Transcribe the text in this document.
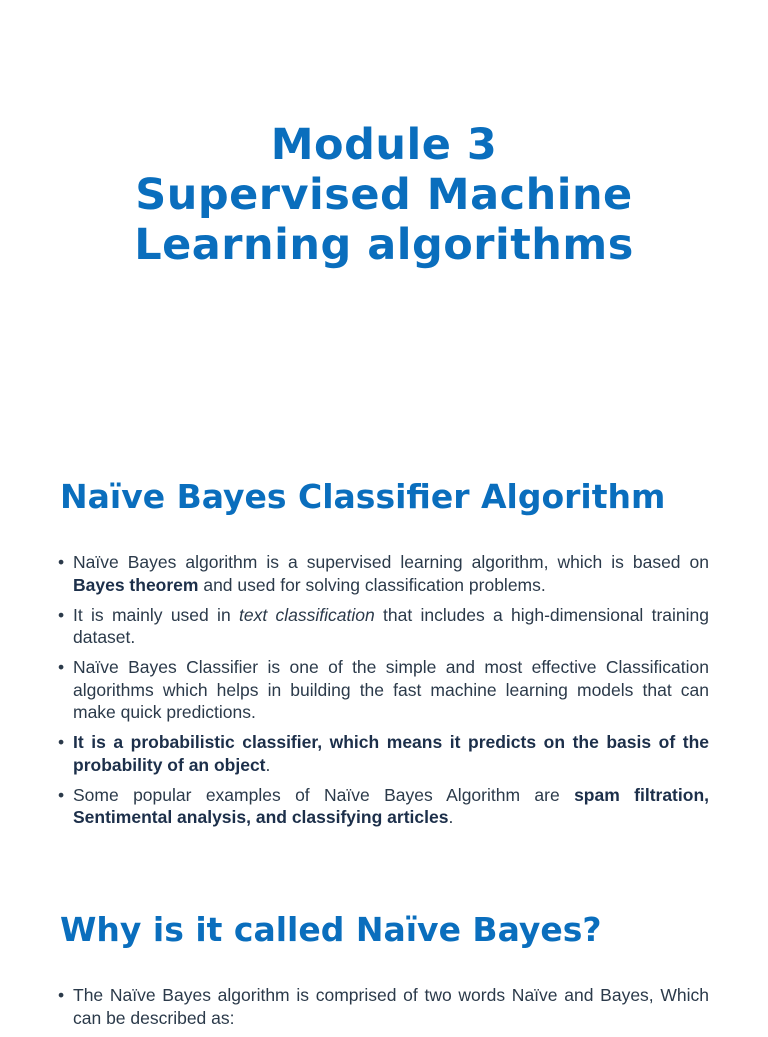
Module 3
Supervised Machine
Learning algorithms
Naïve Bayes Classifier Algorithm
• Naïve Bayes algorithm is a supervised learning algorithm, which is based on Bayes theorem and used for solving classification problems.
• It is mainly used in text classification that includes a high-dimensional training dataset.
• Naïve Bayes Classifier is one of the simple and most effective Classification algorithms which helps in building the fast machine learning models that can make quick predictions.
• It is a probabilistic classifier, which means it predicts on the basis of the probability of an object.
• Some popular examples of Naïve Bayes Algorithm are spam filtration, Sentimental analysis, and classifying articles.
Why is it called Naïve Bayes?
• The Naïve Bayes algorithm is comprised of two words Naïve and Bayes, Which can be described as:
